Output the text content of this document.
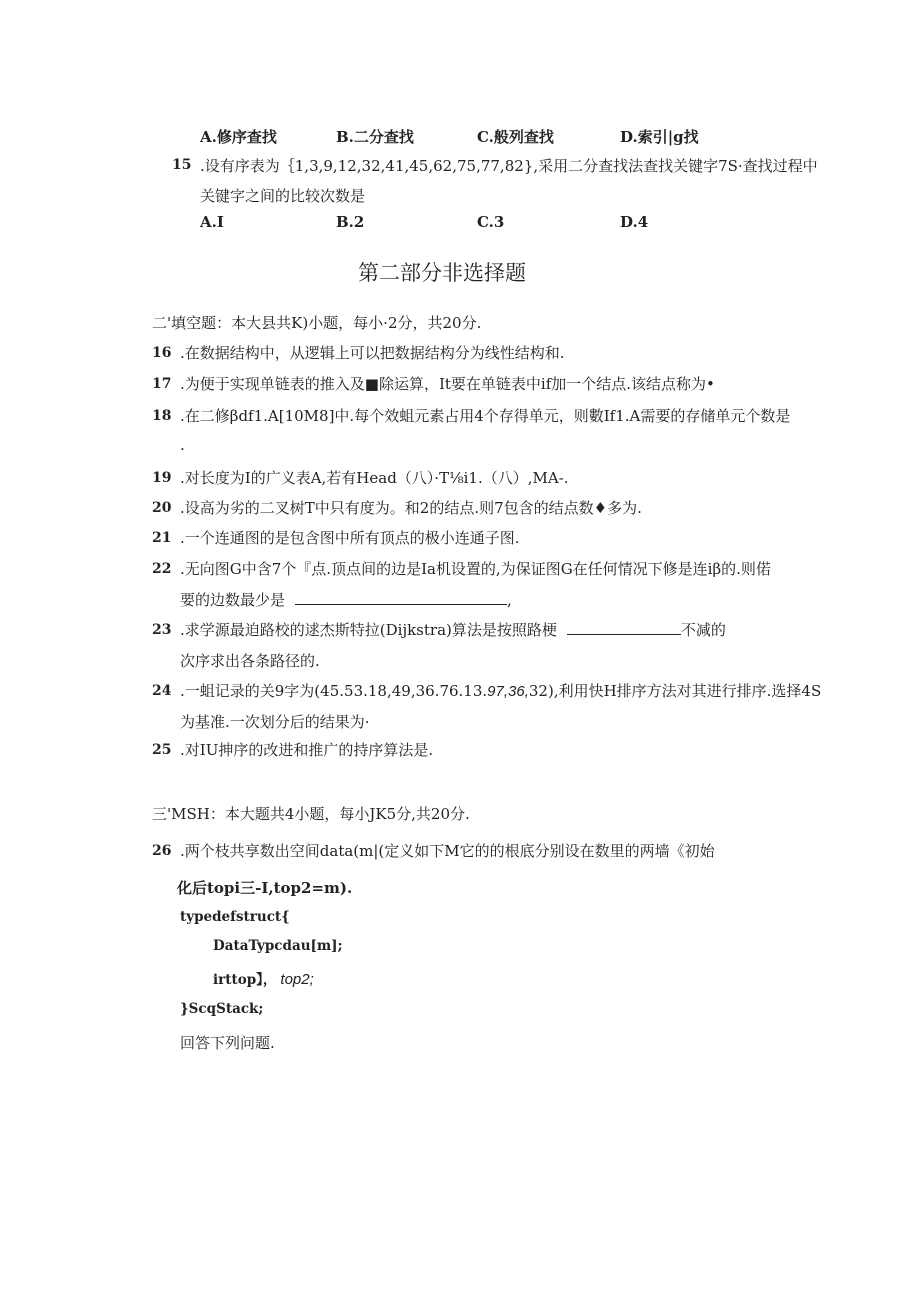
A.修序查找	B.二分查找	C.般列查找	D.索引|g找
15 .设有序表为｛1,3,9,12,32,41,45,62,75,77,82},采用二分查找法查找关键字7S·查找过程中
关键字之间的比较次数是
A.I	B.2	C.3	D.4
第二部分非选择题
二'填空题：本大县共K)小题，每小·2分，共20分.
16 .在数据结构中，从逻辑上可以把数据结构分为线性结构和.
17 .为便于实现单链表的推入及■除运算，It要在单链表中if加一个结点.该结点称为•
18 .在二修βdf1.A[10M8]中.每个效蛆元素占用4个存得单元，则數If1.A需要的存储单元个数是
.
19 .对长度为I的广义表A,若有Head（八）·T⅛i1.（八）,MA-.
20 .设高为劣的二叉树T中只有度为。和2的结点.则7包含的结点数♦多为.
21 .一个连通图的是包含图中所有顶点的极小连通子图.
22 .无向图G中含7个『点.顶点间的边是Ia机设置的,为保证图G在任何情况下修是连iβ的.则偌
要的边数最少是	,
23 .求学源最迫路校的逑杰斯特拉(Dijkstra)算法是按照路梗	不减的
次序求出各条路径的.
24 .一蛆记录的关9字为(45.53.18,49,36.76.13.97,36,32),利用快H排序方法对其进行排序.选择4S
为基准.一次划分后的结果为·
25 .对IU抻序的改进和推广的持序算法是.
三'MSH：本大题共4小题，每小JK5分,共20分.
26 .两个枝共享数出空间data(m|(定义如下M它的的根底分别设在数里的两墙《初始
化后topi三-I,top2=m).
typedefstruct{
DataTypcdau[m];
irttop】， top2;
}ScqStack;
回答下列问题.
